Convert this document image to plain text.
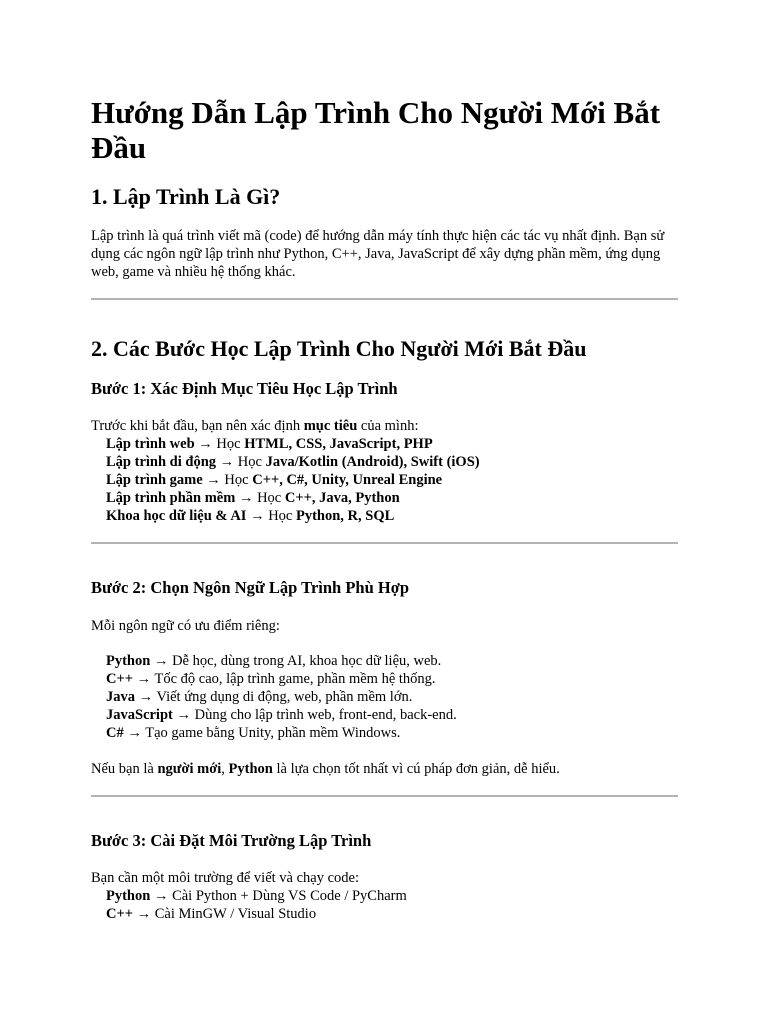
Hướng Dẫn Lập Trình Cho Người Mới Bắt Đầu
1. Lập Trình Là Gì?

Lập trình là quá trình viết mã (code) để hướng dẫn máy tính thực hiện các tác vụ nhất định. Bạn sử dụng các ngôn ngữ lập trình như Python, C++, Java, JavaScript để xây dựng phần mềm, ứng dụng web, game và nhiều hệ thống khác.

2. Các Bước Học Lập Trình Cho Người Mới Bắt Đầu
Bước 1: Xác Định Mục Tiêu Học Lập Trình
Trước khi bắt đầu, bạn nên xác định mục tiêu của mình:
Lập trình web → Học HTML, CSS, JavaScript, PHP
Lập trình di động → Học Java/Kotlin (Android), Swift (iOS)
Lập trình game → Học C++, C#, Unity, Unreal Engine
Lập trình phần mềm → Học C++, Java, Python
Khoa học dữ liệu & AI → Học Python, R, SQL
Bước 2: Chọn Ngôn Ngữ Lập Trình Phù Hợp
Mỗi ngôn ngữ có ưu điểm riêng:
Python → Dễ học, dùng trong AI, khoa học dữ liệu, web.
C++ → Tốc độ cao, lập trình game, phần mềm hệ thống.
Java → Viết ứng dụng di động, web, phần mềm lớn.
JavaScript → Dùng cho lập trình web, front-end, back-end.
C# → Tạo game bằng Unity, phần mềm Windows.
Nếu bạn là người mới, Python là lựa chọn tốt nhất vì cú pháp đơn giản, dễ hiểu.
Bước 3: Cài Đặt Môi Trường Lập Trình
Bạn cần một môi trường để viết và chạy code:
Python → Cài Python + Dùng VS Code / PyCharm
C++ → Cài MinGW / Visual Studio
